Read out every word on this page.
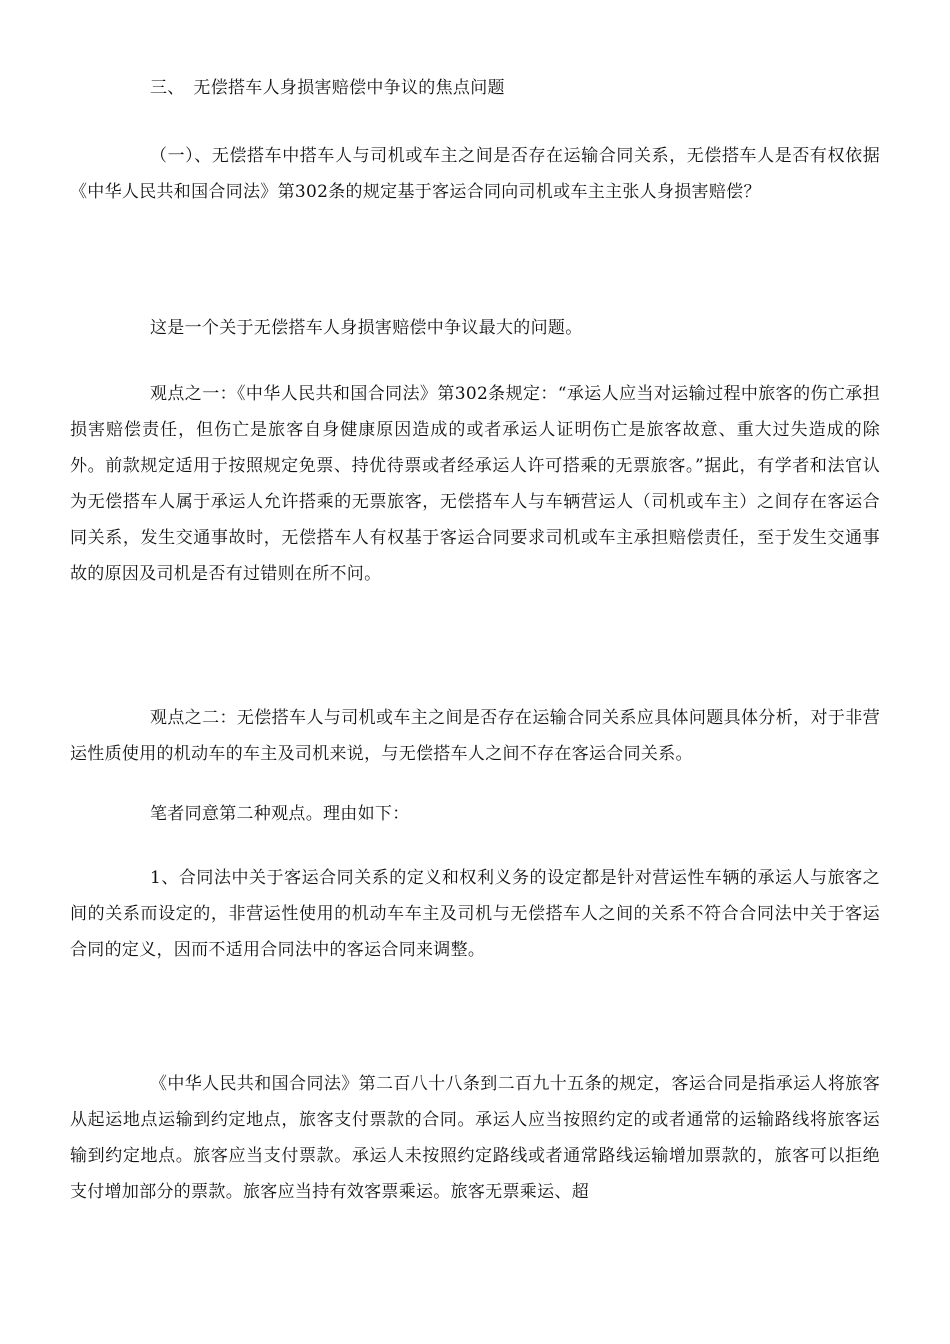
三、　无偿搭车人身损害赔偿中争议的焦点问题

（一）、无偿搭车中搭车人与司机或车主之间是否存在运输合同关系，无偿搭车人是否有权依据《中华人民共和国合同法》第302条的规定基于客运合同向司机或车主主张人身损害赔偿？

这是一个关于无偿搭车人身损害赔偿中争议最大的问题。

观点之一：《中华人民共和国合同法》第302条规定：“承运人应当对运输过程中旅客的伤亡承担损害赔偿责任，但伤亡是旅客自身健康原因造成的或者承运人证明伤亡是旅客故意、重大过失造成的除外。前款规定适用于按照规定免票、持优待票或者经承运人许可搭乘的无票旅客。”据此，有学者和法官认为无偿搭车人属于承运人允许搭乘的无票旅客，无偿搭车人与车辆营运人（司机或车主）之间存在客运合同关系，发生交通事故时，无偿搭车人有权基于客运合同要求司机或车主承担赔偿责任，至于发生交通事故的原因及司机是否有过错则在所不问。

观点之二：无偿搭车人与司机或车主之间是否存在运输合同关系应具体问题具体分析，对于非营运性质使用的机动车的车主及司机来说，与无偿搭车人之间不存在客运合同关系。

笔者同意第二种观点。理由如下：

1、合同法中关于客运合同关系的定义和权利义务的设定都是针对营运性车辆的承运人与旅客之间的关系而设定的，非营运性使用的机动车车主及司机与无偿搭车人之间的关系不符合合同法中关于客运合同的定义，因而不适用合同法中的客运合同来调整。

《中华人民共和国合同法》第二百八十八条到二百九十五条的规定，客运合同是指承运人将旅客从起运地点运输到约定地点，旅客支付票款的合同。承运人应当按照约定的或者通常的运输路线将旅客运输到约定地点。旅客应当支付票款。承运人未按照约定路线或者通常路线运输增加票款的，旅客可以拒绝支付增加部分的票款。旅客应当持有效客票乘运。旅客无票乘运、超
